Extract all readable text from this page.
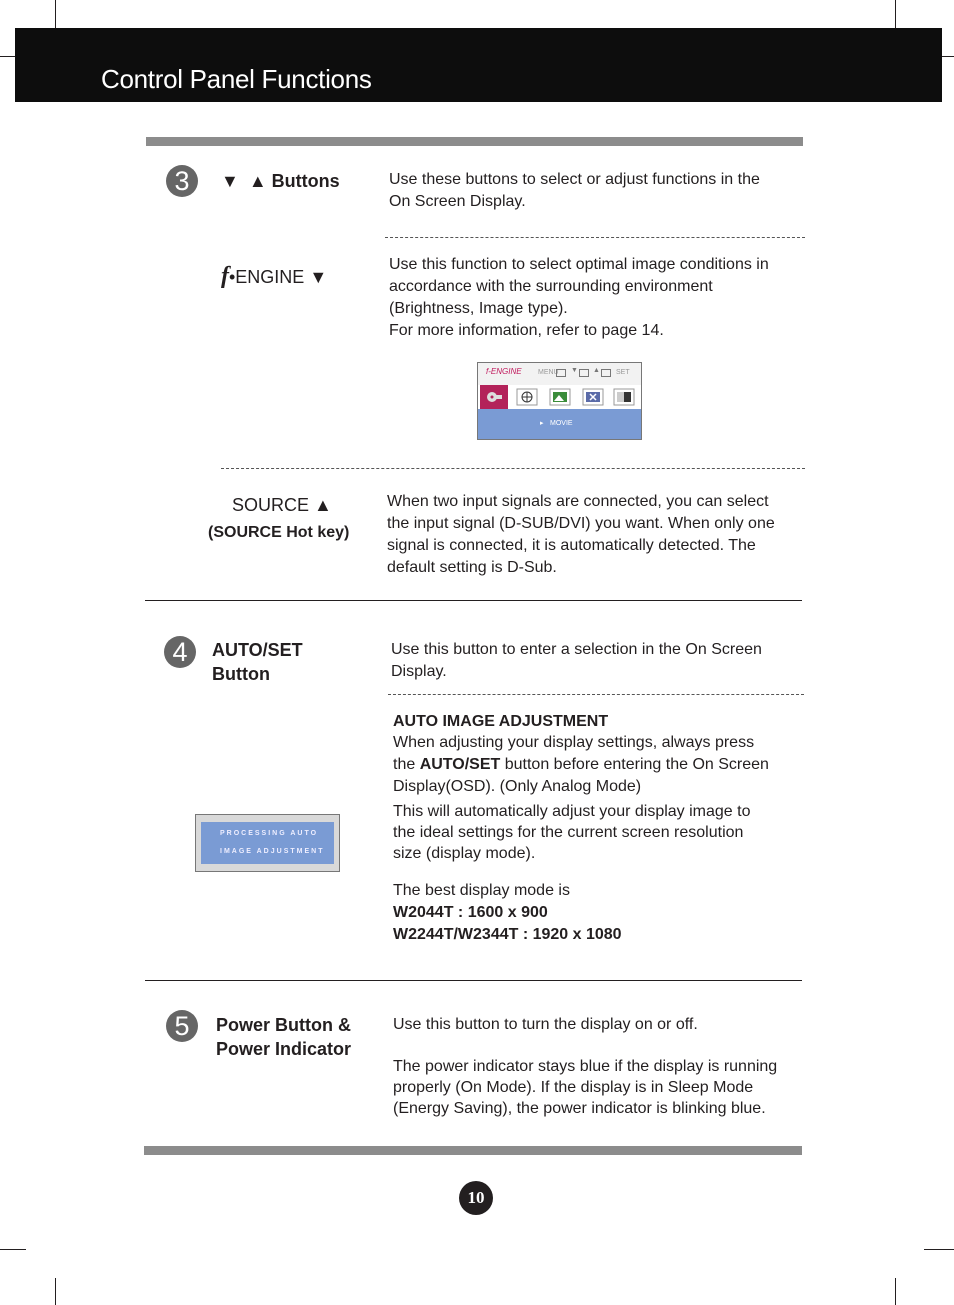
Control Panel Functions
3	▼  ▲ Buttons	Use these buttons to select or adjust functions in the
On Screen Display.
f•ENGINE ▼
Use this function to select optimal image conditions in
accordance with the surrounding environment
(Brightness, Image type).
For more information, refer to page 14.
f-ENGINE MENU ▼ ▲ SET
▸ MOVIE
SOURCE ▲
(SOURCE Hot key)
When two input signals are connected, you can select
the input signal (D-SUB/DVI) you want. When only one
signal is connected, it is automatically detected. The
default setting is D-Sub.
4	AUTO/SET
Button
Use this button to enter a selection in the On Screen
Display.
AUTO IMAGE ADJUSTMENT
When adjusting your display settings, always press
the AUTO/SET button before entering the On Screen
Display(OSD). (Only Analog Mode)
This will automatically adjust your display image to
the ideal settings for the current screen resolution
size (display mode).
PROCESSING AUTO
IMAGE ADJUSTMENT
The best display mode is
W2044T : 1600 x 900
W2244T/W2344T : 1920 x 1080
5	Power Button &
Power Indicator
Use this button to turn the display on or off.
The power indicator stays blue if the display is running
properly (On Mode). If the display is in Sleep Mode
(Energy Saving), the power indicator is blinking blue.
10
